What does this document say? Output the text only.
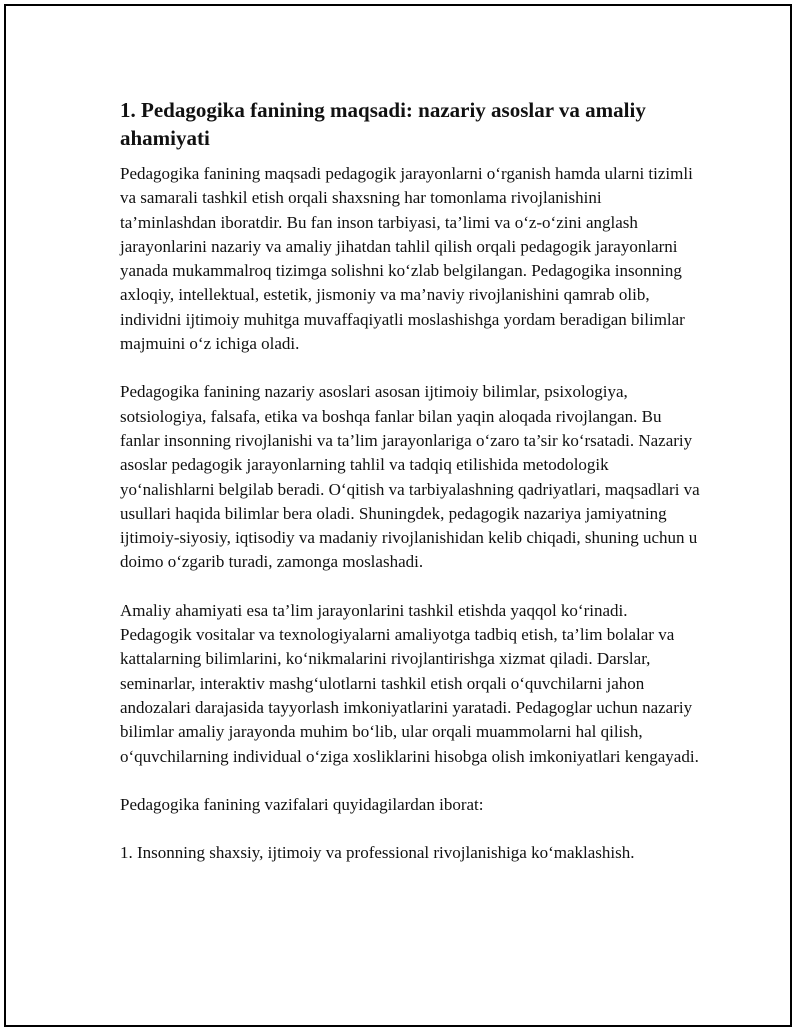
1. Pedagogika fanining maqsadi: nazariy asoslar va amaliy ahamiyati

Pedagogika fanining maqsadi pedagogik jarayonlarni o‘rganish hamda ularni tizimli va samarali tashkil etish orqali shaxsning har tomonlama rivojlanishini ta’minlashdan iboratdir. Bu fan inson tarbiyasi, ta’limi va o‘z-o‘zini anglash jarayonlarini nazariy va amaliy jihatdan tahlil qilish orqali pedagogik jarayonlarni yanada mukammalroq tizimga solishni ko‘zlab belgilangan. Pedagogika insonning axloqiy, intellektual, estetik, jismoniy va ma’naviy rivojlanishini qamrab olib, individni ijtimoiy muhitga muvaffaqiyatli moslashishga yordam beradigan bilimlar majmuini o‘z ichiga oladi.

Pedagogika fanining nazariy asoslari asosan ijtimoiy bilimlar, psixologiya, sotsiologiya, falsafa, etika va boshqa fanlar bilan yaqin aloqada rivojlangan. Bu fanlar insonning rivojlanishi va ta’lim jarayonlariga o‘zaro ta’sir ko‘rsatadi. Nazariy asoslar pedagogik jarayonlarning tahlil va tadqiq etilishida metodologik yo‘nalishlarni belgilab beradi. O‘qitish va tarbiyalashning qadriyatlari, maqsadlari va usullari haqida bilimlar bera oladi. Shuningdek, pedagogik nazariya jamiyatning ijtimoiy-siyosiy, iqtisodiy va madaniy rivojlanishidan kelib chiqadi, shuning uchun u doimo o‘zgarib turadi, zamonga moslashadi.

Amaliy ahamiyati esa ta’lim jarayonlarini tashkil etishda yaqqol ko‘rinadi. Pedagogik vositalar va texnologiyalarni amaliyotga tadbiq etish, ta’lim bolalar va kattalarning bilimlarini, ko‘nikmalarini rivojlantirishga xizmat qiladi. Darslar, seminarlar, interaktiv mashg‘ulotlarni tashkil etish orqali o‘quvchilarni jahon andozalari darajasida tayyorlash imkoniyatlarini yaratadi. Pedagoglar uchun nazariy bilimlar amaliy jarayonda muhim bo‘lib, ular orqali muammolarni hal qilish, o‘quvchilarning individual o‘ziga xosliklarini hisobga olish imkoniyatlari kengayadi.

Pedagogika fanining vazifalari quyidagilardan iborat:

1. Insonning shaxsiy, ijtimoiy va professional rivojlanishiga ko‘maklashish.
